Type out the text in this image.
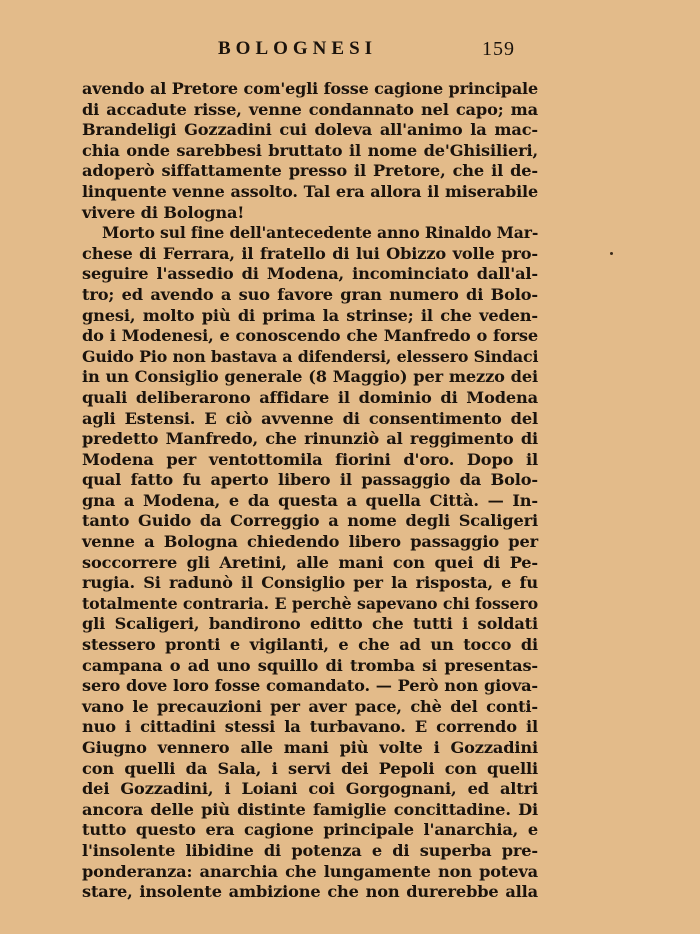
BOLOGNESI	159
avendo al Pretore com'egli fosse cagione principale
di accadute risse, venne condannato nel capo; ma
Brandeligi Gozzadini cui doleva all'animo la mac-
chia onde sarebbesi bruttato il nome de'Ghisilieri,
adoperò siffattamente presso il Pretore, che il de-
linquente venne assolto. Tal era allora il miserabile
vivere di Bologna!
Morto sul fine dell'antecedente anno Rinaldo Mar-
chese di Ferrara, il fratello di lui Obizzo volle pro-
seguire l'assedio di Modena, incominciato dall'al-
tro; ed avendo a suo favore gran numero di Bolo-
gnesi, molto più di prima la strinse; il che veden-
do i Modenesi, e conoscendo che Manfredo o forse
Guido Pio non bastava a difendersi, elessero Sindaci
in un Consiglio generale (8 Maggio) per mezzo dei
quali deliberarono affidare il dominio di Modena
agli Estensi. E ciò avvenne di consentimento del
predetto Manfredo, che rinunziò al reggimento di
Modena per ventottomila fiorini d'oro. Dopo il
qual fatto fu aperto libero il passaggio da Bolo-
gna a Modena, e da questa a quella Città. — In-
tanto Guido da Correggio a nome degli Scaligeri
venne a Bologna chiedendo libero passaggio per
soccorrere gli Aretini, alle mani con quei di Pe-
rugia. Si radunò il Consiglio per la risposta, e fu
totalmente contraria. E perchè sapevano chi fossero
gli Scaligeri, bandirono editto che tutti i soldati
stessero pronti e vigilanti, e che ad un tocco di
campana o ad uno squillo di tromba si presentas-
sero dove loro fosse comandato. — Però non giova-
vano le precauzioni per aver pace, chè del conti-
nuo i cittadini stessi la turbavano. E correndo il
Giugno vennero alle mani più volte i Gozzadini
con quelli da Sala, i servi dei Pepoli con quelli
dei Gozzadini, i Loiani coi Gorgognani, ed altri
ancora delle più distinte famiglie concittadine. Di
tutto questo era cagione principale l'anarchia, e
l'insolente libidine di potenza e di superba pre-
ponderanza: anarchia che lungamente non poteva
stare, insolente ambizione che non durerebbe alla
